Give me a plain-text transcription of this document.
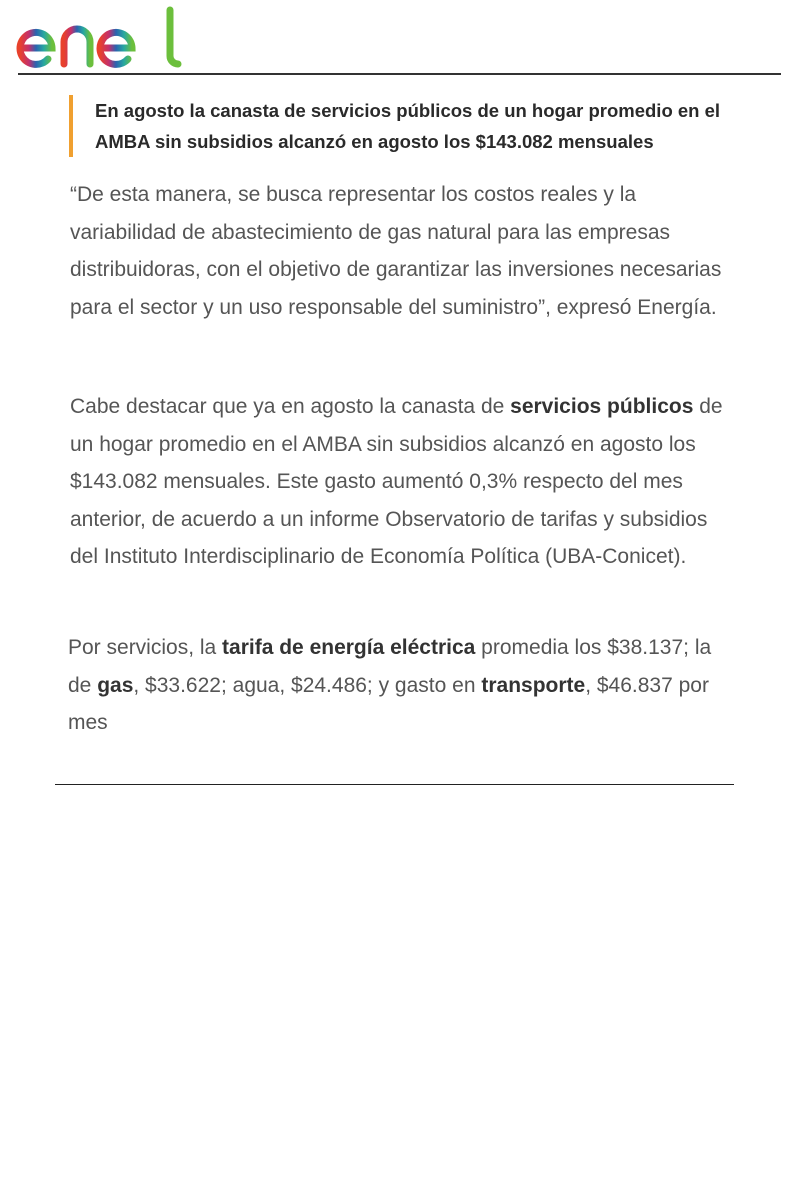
En agosto la canasta de servicios públicos de un hogar promedio en el AMBA sin subsidios alcanzó en agosto los $143.082 mensuales

“De esta manera, se busca representar los costos reales y la variabilidad de abastecimiento de gas natural para las empresas distribuidoras, con el objetivo de garantizar las inversiones necesarias para el sector y un uso responsable del suministro”, expresó Energía.

Cabe destacar que ya en agosto la canasta de servicios públicos de un hogar promedio en el AMBA sin subsidios alcanzó en agosto los $143.082 mensuales. Este gasto aumentó 0,3% respecto del mes anterior, de acuerdo a un informe Observatorio de tarifas y subsidios del Instituto Interdisciplinario de Economía Política (UBA-Conicet).

Por servicios, la tarifa de energía eléctrica promedia los $38.137; la de gas, $33.622; agua, $24.486; y gasto en transporte, $46.837 por mes
